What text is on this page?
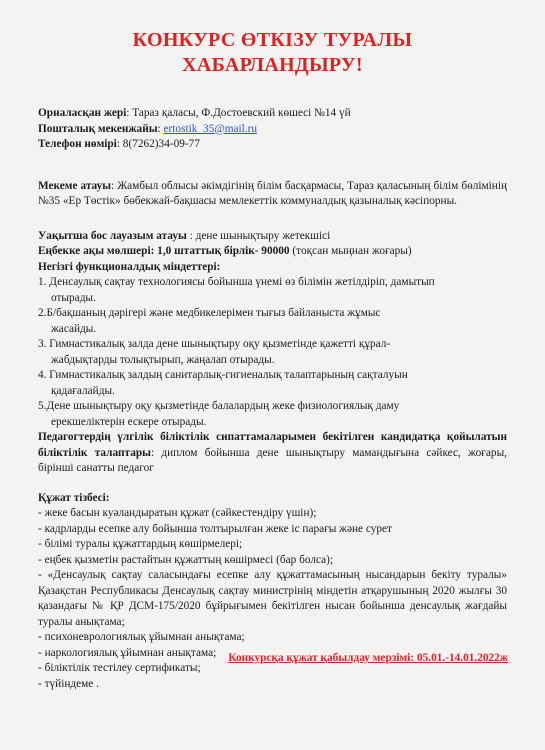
КОНКУРС ӨТКІЗУ ТУРАЛЫ
ХАБАРЛАНДЫРУ!

Орналасқан жері: Тараз қаласы, Ф.Достоевский көшесі №14 үй

Пошталық мекенжайы: ertostik_35@mail.ru

Телефон нөмірі: 8(7262)34-09-77

Мекеме атауы: Жамбыл облысы әкімдігінің білім басқармасы, Тараз қаласының білім бөлімінің №35 «Ер Төстік» бөбекжай-бақшасы мемлекеттік коммуналдық қазыналық кәсіпорны.

Уақытша бос лауазым атауы : дене шынықтыру жетекшісі

Еңбекке ақы мөлшері: 1,0 штаттық бірлік- 90000 (тоқсан мыңнан жоғары)

Негізгі функционалдық міндеттері:

1. Денсаулық сақтау технологиясы бойынша үнемі өз білімін жетілдіріп, дамытып

отырады.

2.Б/бақшаның дәрігері және медбикелерімен тығыз байланыста жұмыс

жасайды.

3. Гимнастикалық залда дене шынықтыру оқу қызметінде қажетті құрал-

жабдықтарды толықтырып, жаңалап отырады.

4. Гимнастикалық залдың санитарлық-гигиеналық талаптарының сақталуын

қадағалайды.

5.Дене шынықтыру оқу қызметінде балалардың жеке физиологиялық даму

ерекшеліктерін ескере отырады.

Педагогтердің үлгілік біліктілік сипаттамаларымен бекітілген кандидатқа қойылатын біліктілік талаптары: диплом бойынша дене шынықтыру мамандығына сәйкес, жоғары, бірінші санатты педагог

Құжат тізбесі:

- жеке басын куәландыратын құжат (сәйкестендіру үшін);

- кадрларды есепке алу бойынша толтырылған жеке іс парағы және сурет

- білімі туралы құжаттардың көшірмелері;

- еңбек қызметін растайтын құжаттың көшірмесі (бар болса);

- «Денсаулық сақтау саласындағы есепке алу құжаттамасының нысандарын бекіту туралы» Қазақстан Республикасы Денсаулық сақтау министрінің міндетін атқарушының 2020 жылғы 30 қазандағы № ҚР ДСМ-175/2020 бұйрығымен бекітілген нысан бойынша денсаулық жағдайы туралы анықтама;

- психоневрологиялық ұйымнан анықтама;

- наркологиялық ұйымнан анықтама;

- біліктілік тестілеу сертификаты;

- түйіндеме .

Конкурсқа құжат қабылдау мерзімі: 05.01.-14.01.2022ж
